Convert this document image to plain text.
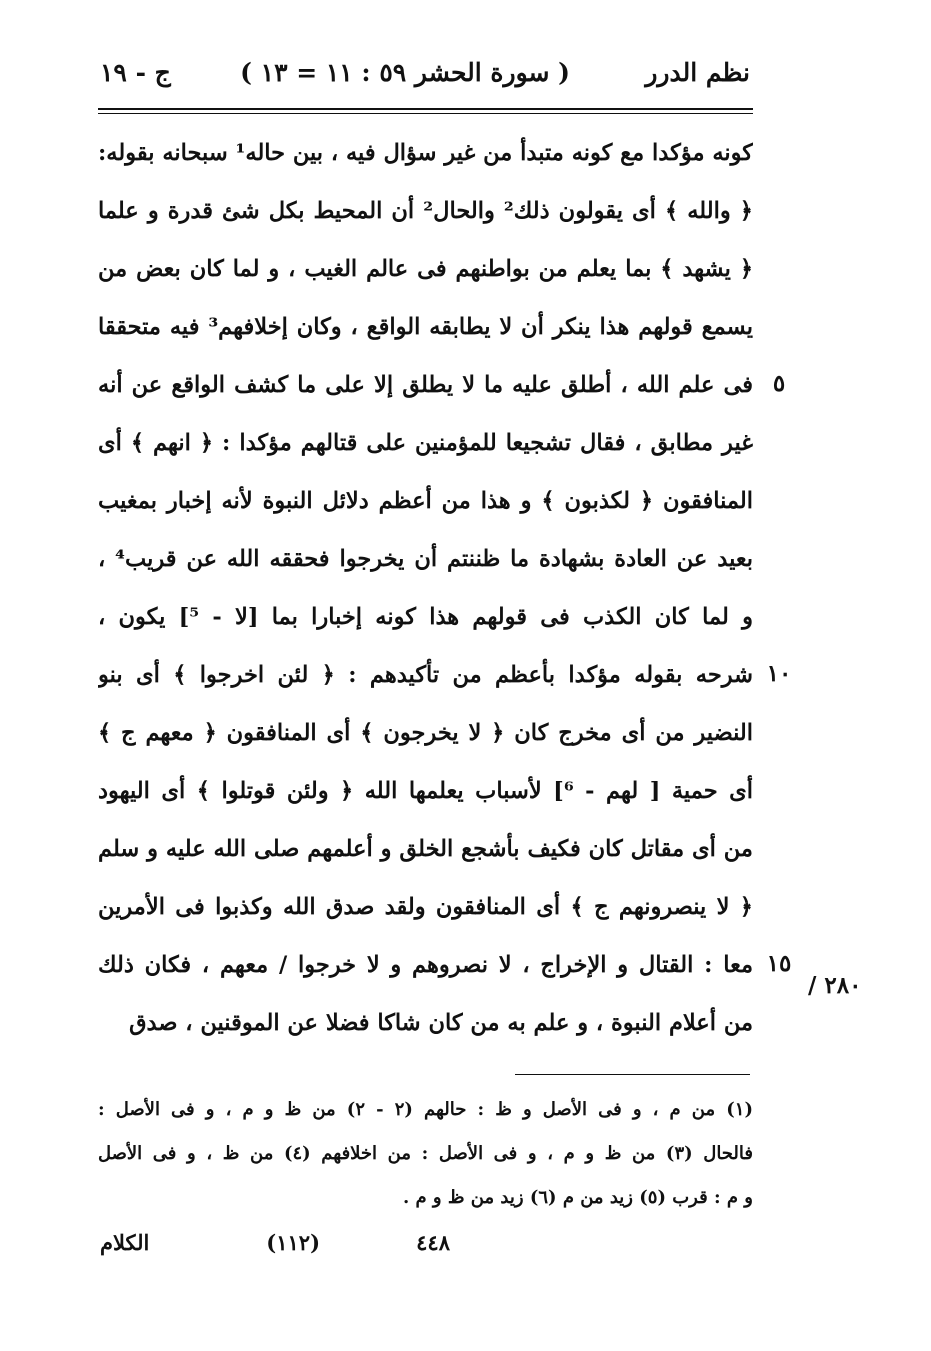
نظم الدرر
( سورة الحشر ٥٩ : ١١ = ١٣ )
ج - ١٩
كونه مؤكدا مع كونه متبدأ من غير سؤال فيه ، بين حاله¹ سبحانه بقوله:
﴿ والله ﴾ أى يقولون ذلك² والحال² أن المحيط بكل شئ قدرة و علما
﴿ يشهد ﴾ بما يعلم من بواطنهم فى عالم الغيب ، و لما كان بعض من
يسمع قولهم هذا ينكر أن لا يطابقه الواقع ، وكان إخلافهم³ فيه متحققا
فى علم الله ، أطلق عليه ما لا يطلق إلا على ما كشف الواقع عن أنه
غير مطابق ، فقال تشجيعا للمؤمنين على قتالهم مؤكدا : ﴿ انهم ﴾ أى
المنافقون ﴿ لكذبون ﴾ و هذا من أعظم دلائل النبوة لأنه إخبار بمغيب
بعيد عن العادة بشهادة ما ظننتم أن يخرجوا فحققه الله عن قريب⁴ ،
و لما كان الكذب فى قولهم هذا كونه إخبارا بما [لا - ⁵] يكون ،
شرحه بقوله مؤكدا بأعظم من تأكيدهم : ﴿ لئن اخرجوا ﴾ أى بنو
النضير من أى مخرج كان ﴿ لا يخرجون ﴾ أى المنافقون ﴿ معهم ج ﴾
أى حمية [ لهم - ⁶] لأسباب يعلمها الله ﴿ ولئن قوتلوا ﴾ أى اليهود
من أى مقاتل كان فكيف بأشجع الخلق و أعلمهم صلى الله عليه و سلم
﴿ لا ينصرونهم ج ﴾ أى المنافقون ولقد صدق الله وكذبوا فى الأمرين
معا : القتال و الإخراج ، لا نصروهم و لا خرجوا / معهم ، فكان ذلك
من أعلام النبوة ، و علم به من كان شاكا فضلا عن الموقنين ، صدق
٥
١٠
١٥
٢٨٠ /
(١) من م ، و فى الأصل و ظ : حالهم (٢ - ٢) من ظ و م ، و فى الأصل :
فالحال (٣) من ظ و م ، و فى الأصل : من اخلافهم (٤) من ظ ، و فى الأصل
و م : قرب (٥) زيد من م (٦) زيد من ظ و م .
٤٤٨
(١١٢)
الكلام
